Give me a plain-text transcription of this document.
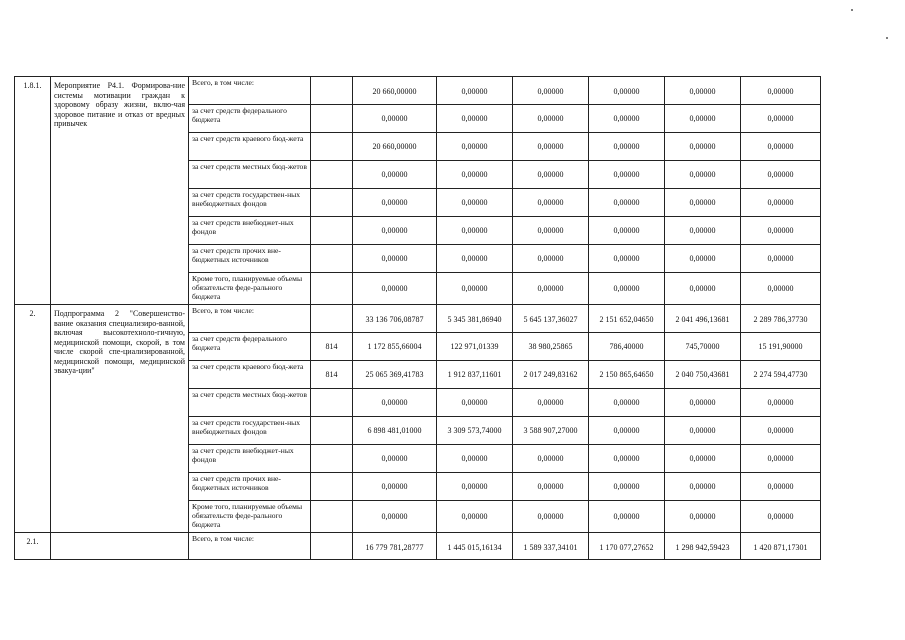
1.8.1.	Мероприятие Р4.1. Формирова-ние системы мотивации граждан к здоровому образу жизни, вклю-чая здоровое питание и отказ от вредных привычек	Всего, в том числе:		20 660,00000	0,00000	0,00000	0,00000	0,00000	0,00000
		за счет средств федерального бюджета		0,00000	0,00000	0,00000	0,00000	0,00000	0,00000
		за счет средств краевого бюд-жета		20 660,00000	0,00000	0,00000	0,00000	0,00000	0,00000
		за счет средств местных бюд-жетов		0,00000	0,00000	0,00000	0,00000	0,00000	0,00000
		за счет средств государствен-ных внебюджетных фондов		0,00000	0,00000	0,00000	0,00000	0,00000	0,00000
		за счет средств внебюджет-ных фондов		0,00000	0,00000	0,00000	0,00000	0,00000	0,00000
		за счет средств прочих вне-бюджетных источников		0,00000	0,00000	0,00000	0,00000	0,00000	0,00000
		Кроме того, планируемые объемы обязательств феде-рального бюджета		0,00000	0,00000	0,00000	0,00000	0,00000	0,00000
2.	Подпрограмма 2 "Совершенство-вание оказания специализиро-ванной, включая высокотехноло-гичную, медицинской помощи, скорой, в том числе скорой спе-циализированной, медицинской помощи, медицинской эвакуа-ции"	Всего, в том числе:		33 136 706,08787	5 345 381,86940	5 645 137,36027	2 151 652,04650	2 041 496,13681	2 289 786,37730
		за счет средств федерального бюджета	814	1 172 855,66004	122 971,01339	38 980,25865	786,40000	745,70000	15 191,90000
		за счет средств краевого бюд-жета	814	25 065 369,41783	1 912 837,11601	2 017 249,83162	2 150 865,64650	2 040 750,43681	2 274 594,47730
		за счет средств местных бюд-жетов		0,00000	0,00000	0,00000	0,00000	0,00000	0,00000
		за счет средств государствен-ных внебюджетных фондов		6 898 481,01000	3 309 573,74000	3 588 907,27000	0,00000	0,00000	0,00000
		за счет средств внебюджет-ных фондов		0,00000	0,00000	0,00000	0,00000	0,00000	0,00000
		за счет средств прочих вне-бюджетных источников		0,00000	0,00000	0,00000	0,00000	0,00000	0,00000
		Кроме того, планируемые объемы обязательств феде-рального бюджета		0,00000	0,00000	0,00000	0,00000	0,00000	0,00000
2.1.		Всего, в том числе:		16 779 781,28777	1 445 015,16134	1 589 337,34101	1 170 077,27652	1 298 942,59423	1 420 871,17301
